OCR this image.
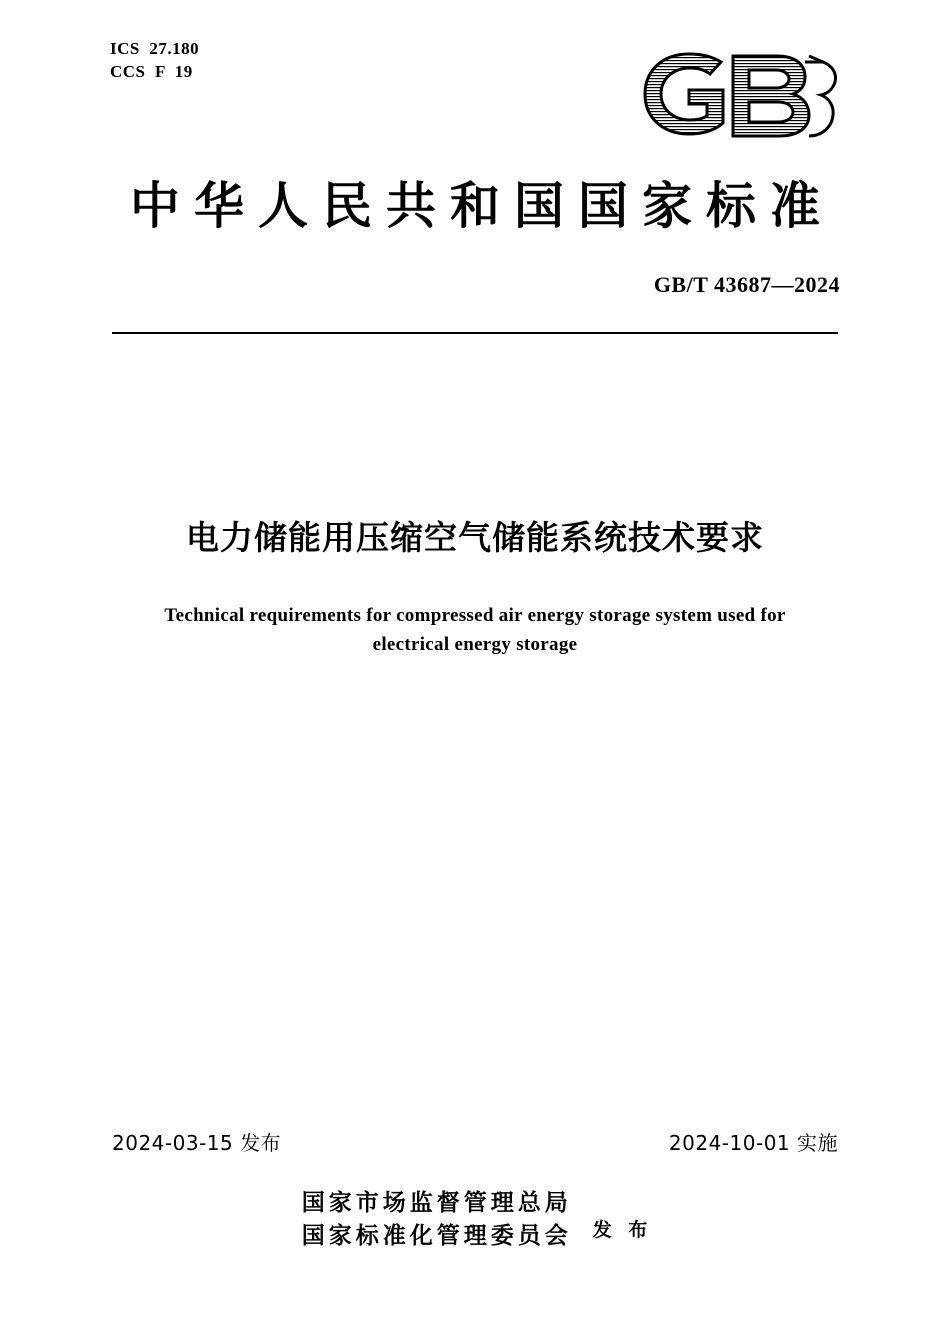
ICS  27.180
CCS  F  19
中华人民共和国国家标准
GB/T 43687—2024
电力储能用压缩空气储能系统技术要求
Technical requirements for compressed air energy storage system used for
electrical energy storage
2024-03-15 发布	2024-10-01 实施
国家市场监督管理总局
国家标准化管理委员会 发 布
